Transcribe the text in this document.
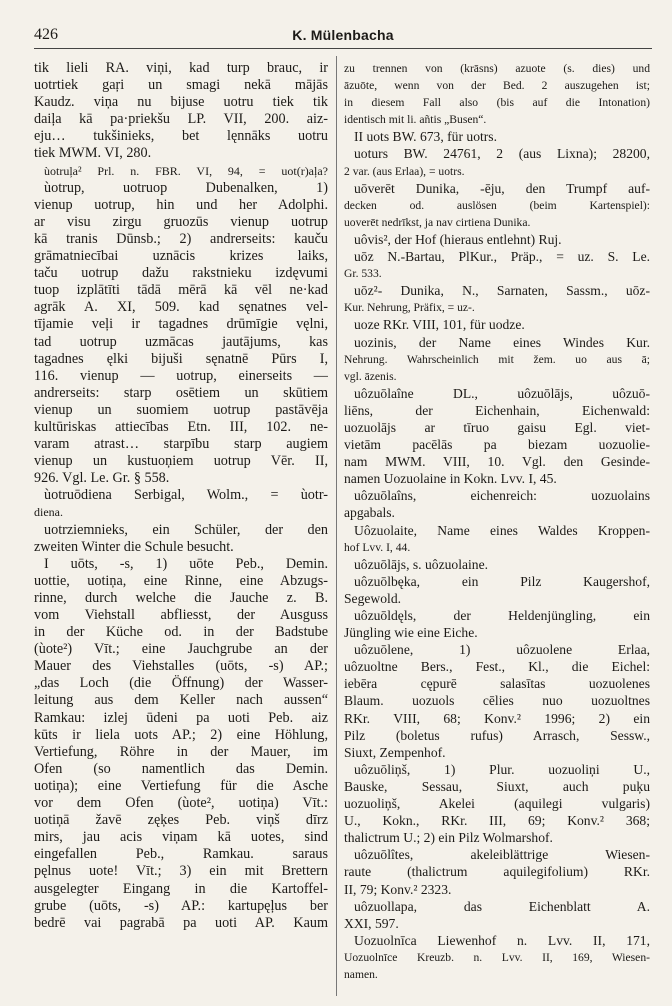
426	K. Mülenbacha
tik lieli RA. viņi, kad turp brauc, ir
uotrtiek gaŗi un smagi nekā mājās
Kaudz. viņa nu bijuse uotru tiek tik
daiļa kā pa·priekšu LP. VII, 200. aiz-
eju… tukšinieks, bet lęnnāks uotru
tiek MWM. VI, 280.
ùotruļa² Prl. n. FBR. VI, 94, = uot(r)aļa?
ùotrup, uotruop Dubenalken, 1)
vienup uotrup, hin und her Adolphi.
ar visu zirgu gruozūs vienup uotrup
kā tranis Dūnsb.; 2) andrerseits: kauču
grāmatniecībai uznācis krizes laiks,
taču uotrup dažu rakstnieku izdęvumi
tuop izplātīti tādā mērā kā vēl ne·kad
agrāk A. XI, 509. kad sęnatnes vel-
tījamie veļi ir tagadnes drūmīgie vęlni,
tad uotrup uzmācas jautājums, kas
tagadnes ęlki bijuši sęnatnē Pūrs I,
116. vienup — uotrup, einerseits —
andrerseits: starp osētiem un skūtiem
vienup un suomiem uotrup pastāvēja
kultūriskas attiecības Etn. III, 102. ne-
varam atrast… starpību starp augiem
vienup un kustuoņiem uotrup Vēr. II,
926. Vgl. Le. Gr. § 558.
ùotruōdiena Serbigal, Wolm., = ùotr-
diena.
uotrziemnieks, ein Schüler, der den
zweiten Winter die Schule besucht.
I uōts, -s, 1) uōte Peb., Demin.
uottie, uotiņa, eine Rinne, eine Abzugs-
rinne, durch welche die Jauche z. B.
vom Viehstall abfliesst, der Ausguss
in der Küche od. in der Badstube
(ùote²) Vīt.; eine Jauchgrube an der
Mauer des Viehstalles (uōts, -s) AP.;
„das Loch (die Öffnung) der Wasser-
leitung aus dem Keller nach aussen“
Ramkau: izlej ūdeni pa uoti Peb. aiz
kūts ir liela uots AP.; 2) eine Höhlung,
Vertiefung, Röhre in der Mauer, im
Ofen (so namentlich das Demin.
uotiņa); eine Vertiefung für die Asche
vor dem Ofen (ùote², uotiņa) Vīt.:
uotiņā žavē zęķes Peb. viņš dīrz
mirs, jau acis viņam kā uotes, sind
eingefallen Peb., Ramkau. saraus
pęlnus uote! Vīt.; 3) ein mit Brettern
ausgelegter Eingang in die Kartoffel-
grube (uōts, -s) AP.: kartupęļus ber
bedrē vai pagrabā pa uoti AP. Kaum
zu trennen von (krāsns) azuote (s. dies) und
āzuōte, wenn von der Bed. 2 auszugehen ist;
in diesem Fall also (bis auf die Intonation)
identisch mit li. añtis „Busen“.
II uots BW. 673, für uotrs.
uoturs BW. 24761, 2 (aus Lixna); 28200,
2 var. (aus Erlaa), = uotrs.
uōverēt Dunika, -ēju, den Trumpf auf-
decken od. auslösen (beim Kartenspiel):
uoverēt nedrīkst, ja nav cirtiena Dunika.
uôvis², der Hof (hieraus entlehnt) Ruj.
uōz N.-Bartau, PlKur., Präp., = uz. S. Le.
Gr. 533.
uōz²- Dunika, N., Sarnaten, Sassm., uōz-
Kur. Nehrung, Präfix, = uz-.
uoze RKr. VIII, 101, für uodze.
uozinis, der Name eines Windes Kur.
Nehrung. Wahrscheinlich mit žem. uo aus ā;
vgl. āzenis.
uôzuōlaîne DL., uôzuōlājs, uôzuō-
liēns, der Eichenhain, Eichenwald:
uozuolājs ar tīruo gaisu Egl. viet-
vietām pacēlās pa biezam uozuolie-
nam MWM. VIII, 10. Vgl. den Gesinde-
namen Uozuolaine in Kokn. Lvv. I, 45.
uôzuōlaîns, eichenreich: uozuolains
apgabals.
Uôzuolaite, Name eines Waldes Kroppen-
hof Lvv. I, 44.
uôzuōlājs, s. uôzuolaine.
uôzuōlbęka, ein Pilz Kaugershof,
Segewold.
uôzuōldęls, der Heldenjüngling, ein
Jüngling wie eine Eiche.
uôzuōlene, 1) uôzuolene Erlaa,
uôzuoltne Bers., Fest., Kl., die Eichel:
iebēra cępurē salasītas uozuolenes
Blaum. uozuols cēlies nuo uozuoltnes
RKr. VIII, 68; Konv.² 1996; 2) ein
Pilz (boletus rufus) Arrasch, Sessw.,
Siuxt, Zempenhof.
uôzuōliņš, 1) Plur. uozuoliņi U.,
Bauske, Sessau, Siuxt, auch puķu
uozuoliņš, Akelei (aquilegi vulgaris)
U., Kokn., RKr. III, 69; Konv.² 368;
thalictrum U.; 2) ein Pilz Wolmarshof.
uôzuōlîtes, akeleiblättrige Wiesen-
raute (thalictrum aquilegifolium) RKr.
II, 79; Konv.² 2323.
uôzuollapa, das Eichenblatt A.
XXI, 597.
Uozuolnīca Liewenhof n. Lvv. II, 171,
Uozuolnīce Kreuzb. n. Lvv. II, 169, Wiesen-
namen.
